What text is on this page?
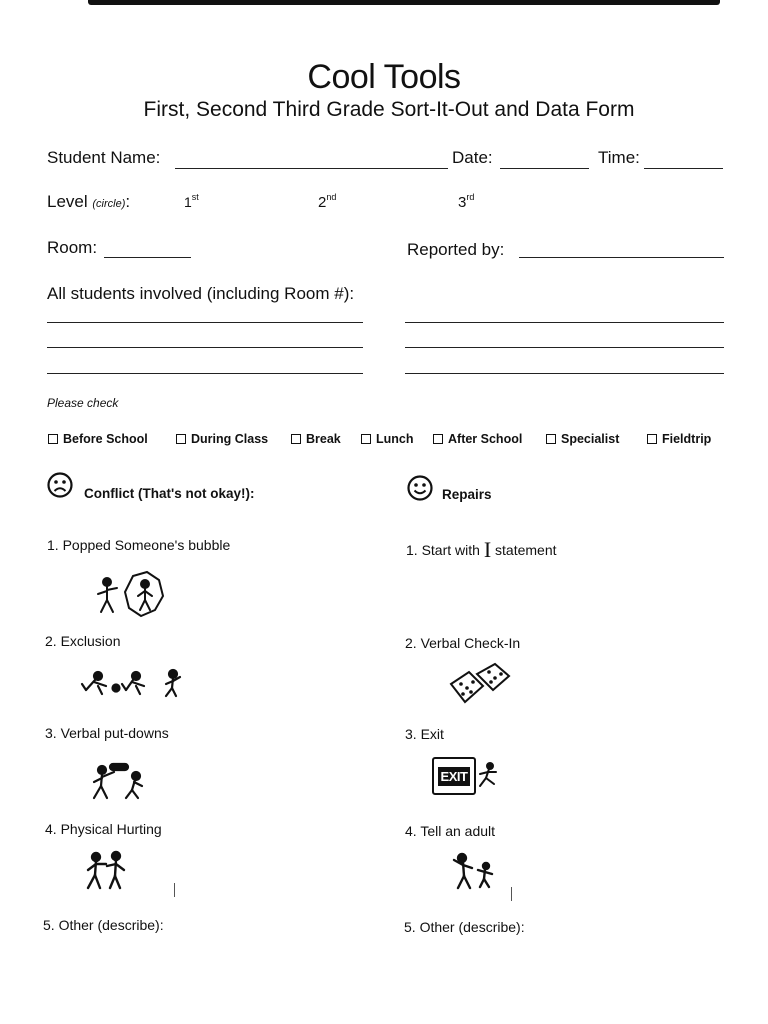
Cool Tools
First, Second Third Grade Sort-It-Out and Data Form
Student Name:	Date:	Time:
Level (circle):	1st	2nd	3rd
Room:	Reported by:
All students involved (including Room #):
Please check
Before School	During Class	Break	Lunch	After School	Specialist	Fieldtrip
Conflict (That's not okay!):	Repairs
1. Popped Someone's bubble
2. Exclusion
3. Verbal put-downs
4. Physical Hurting
5. Other (describe):
1. Start with I statement
2. Verbal Check-In
3. Exit
EXIT
4. Tell an adult
5. Other (describe):
